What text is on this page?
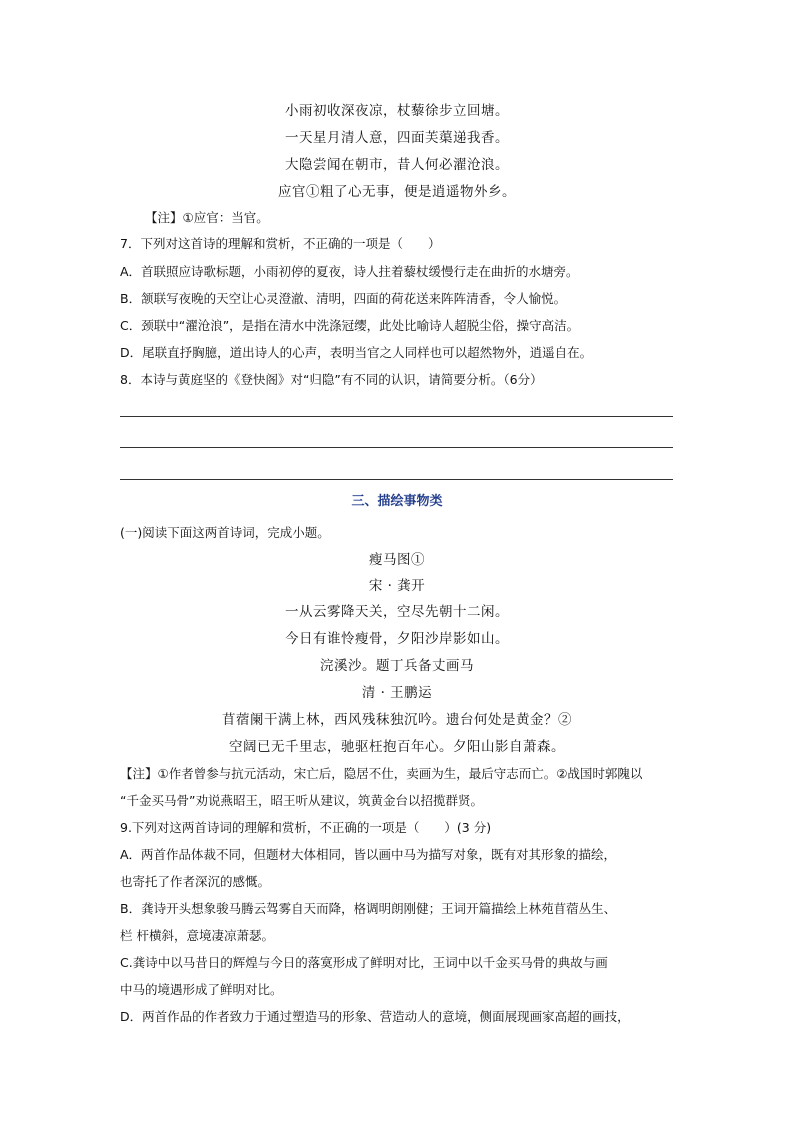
小雨初收深夜凉，杖藜徐步立回塘。
一天星月清人意，四面芙蕖递我香。
大隐尝闻在朝市，昔人何必濯沧浪。
应官①粗了心无事，便是逍遥物外乡。
【注】①应官：当官。
7．下列对这首诗的理解和赏析，不正确的一项是（　　）
A．首联照应诗歌标题，小雨初停的夏夜，诗人拄着藜杖缓慢行走在曲折的水塘旁。
B．颔联写夜晚的天空让心灵澄澈、清明，四面的荷花送来阵阵清香，令人愉悦。
C．颈联中“濯沧浪”，是指在清水中洗涤冠缨，此处比喻诗人超脱尘俗，操守高洁。
D．尾联直抒胸臆，道出诗人的心声，表明当官之人同样也可以超然物外，逍遥自在。
8．本诗与黄庭坚的《登快阁》对“归隐”有不同的认识，请简要分析。（6分）
三、描绘事物类
(一)阅读下面这两首诗词，完成小题。
瘦马图①
宋 · 龚开
一从云雾降天关，空尽先朝十二闲。
今日有谁怜瘦骨，夕阳沙岸影如山。
浣溪沙。题丁兵备丈画马
清 · 王鹏运
苜蓿阑干满上林，西风残秣独沉吟。遗台何处是黄金？②
空阔已无千里志，驰驱枉抱百年心。夕阳山影自萧森。
【注】①作者曾参与抗元活动，宋亡后，隐居不仕，卖画为生，最后守志而亡。②战国时郭隗以
“千金买马骨”劝说燕昭王，昭王听从建议，筑黄金台以招揽群贤。
9.下列对这两首诗词的理解和赏析，不正确的一项是（　　）(3 分)
A．两首作品体裁不同，但题材大体相同，皆以画中马为描写对象，既有对其形象的描绘，
也寄托了作者深沉的感慨。
B．龚诗开头想象骏马腾云驾雾自天而降，格调明朗刚健；王词开篇描绘上林苑苜蓿丛生、
栏 杆横斜，意境凄凉萧瑟。
C.龚诗中以马昔日的辉煌与今日的落寞形成了鲜明对比，王词中以千金买马骨的典故与画
中马的境遇形成了鲜明对比。
D．两首作品的作者致力于通过塑造马的形象、营造动人的意境，侧面展现画家高超的画技，
